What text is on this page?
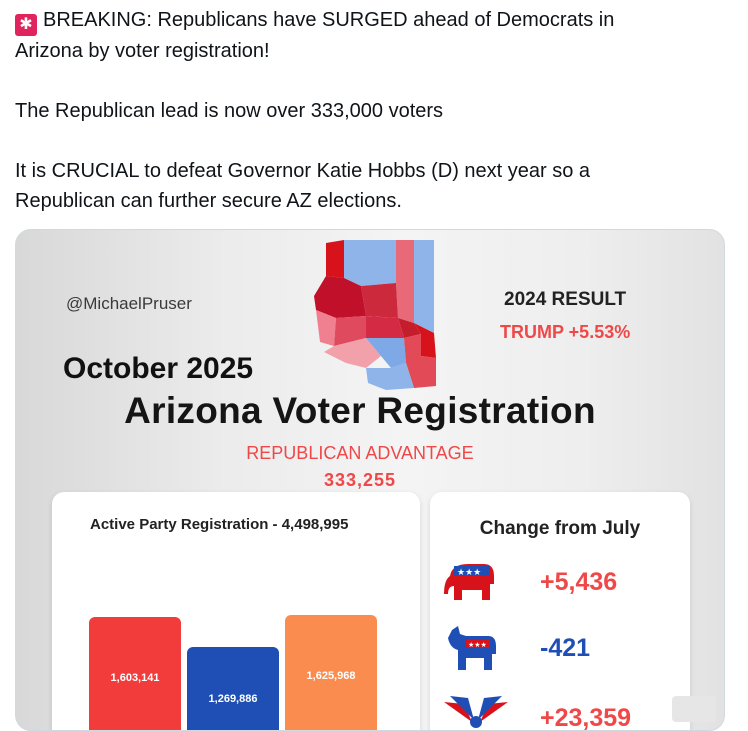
✱ BREAKING: Republicans have SURGED ahead of Democrats in

Arizona by voter registration!

The Republican lead is now over 333,000 voters

It is CRUCIAL to defeat Governor Katie Hobbs (D) next year so a

Republican can further secure AZ elections.

@MichaelPruser	2024 RESULT
TRUMP +5.53%
October 2025
Arizona Voter Registration
REPUBLICAN ADVANTAGE
333,255
Active Party Registration - 4,498,995
1,603,141
1,269,886
1,625,968
Change from July
★★★ +5,436
★★★ -421
+23,359
